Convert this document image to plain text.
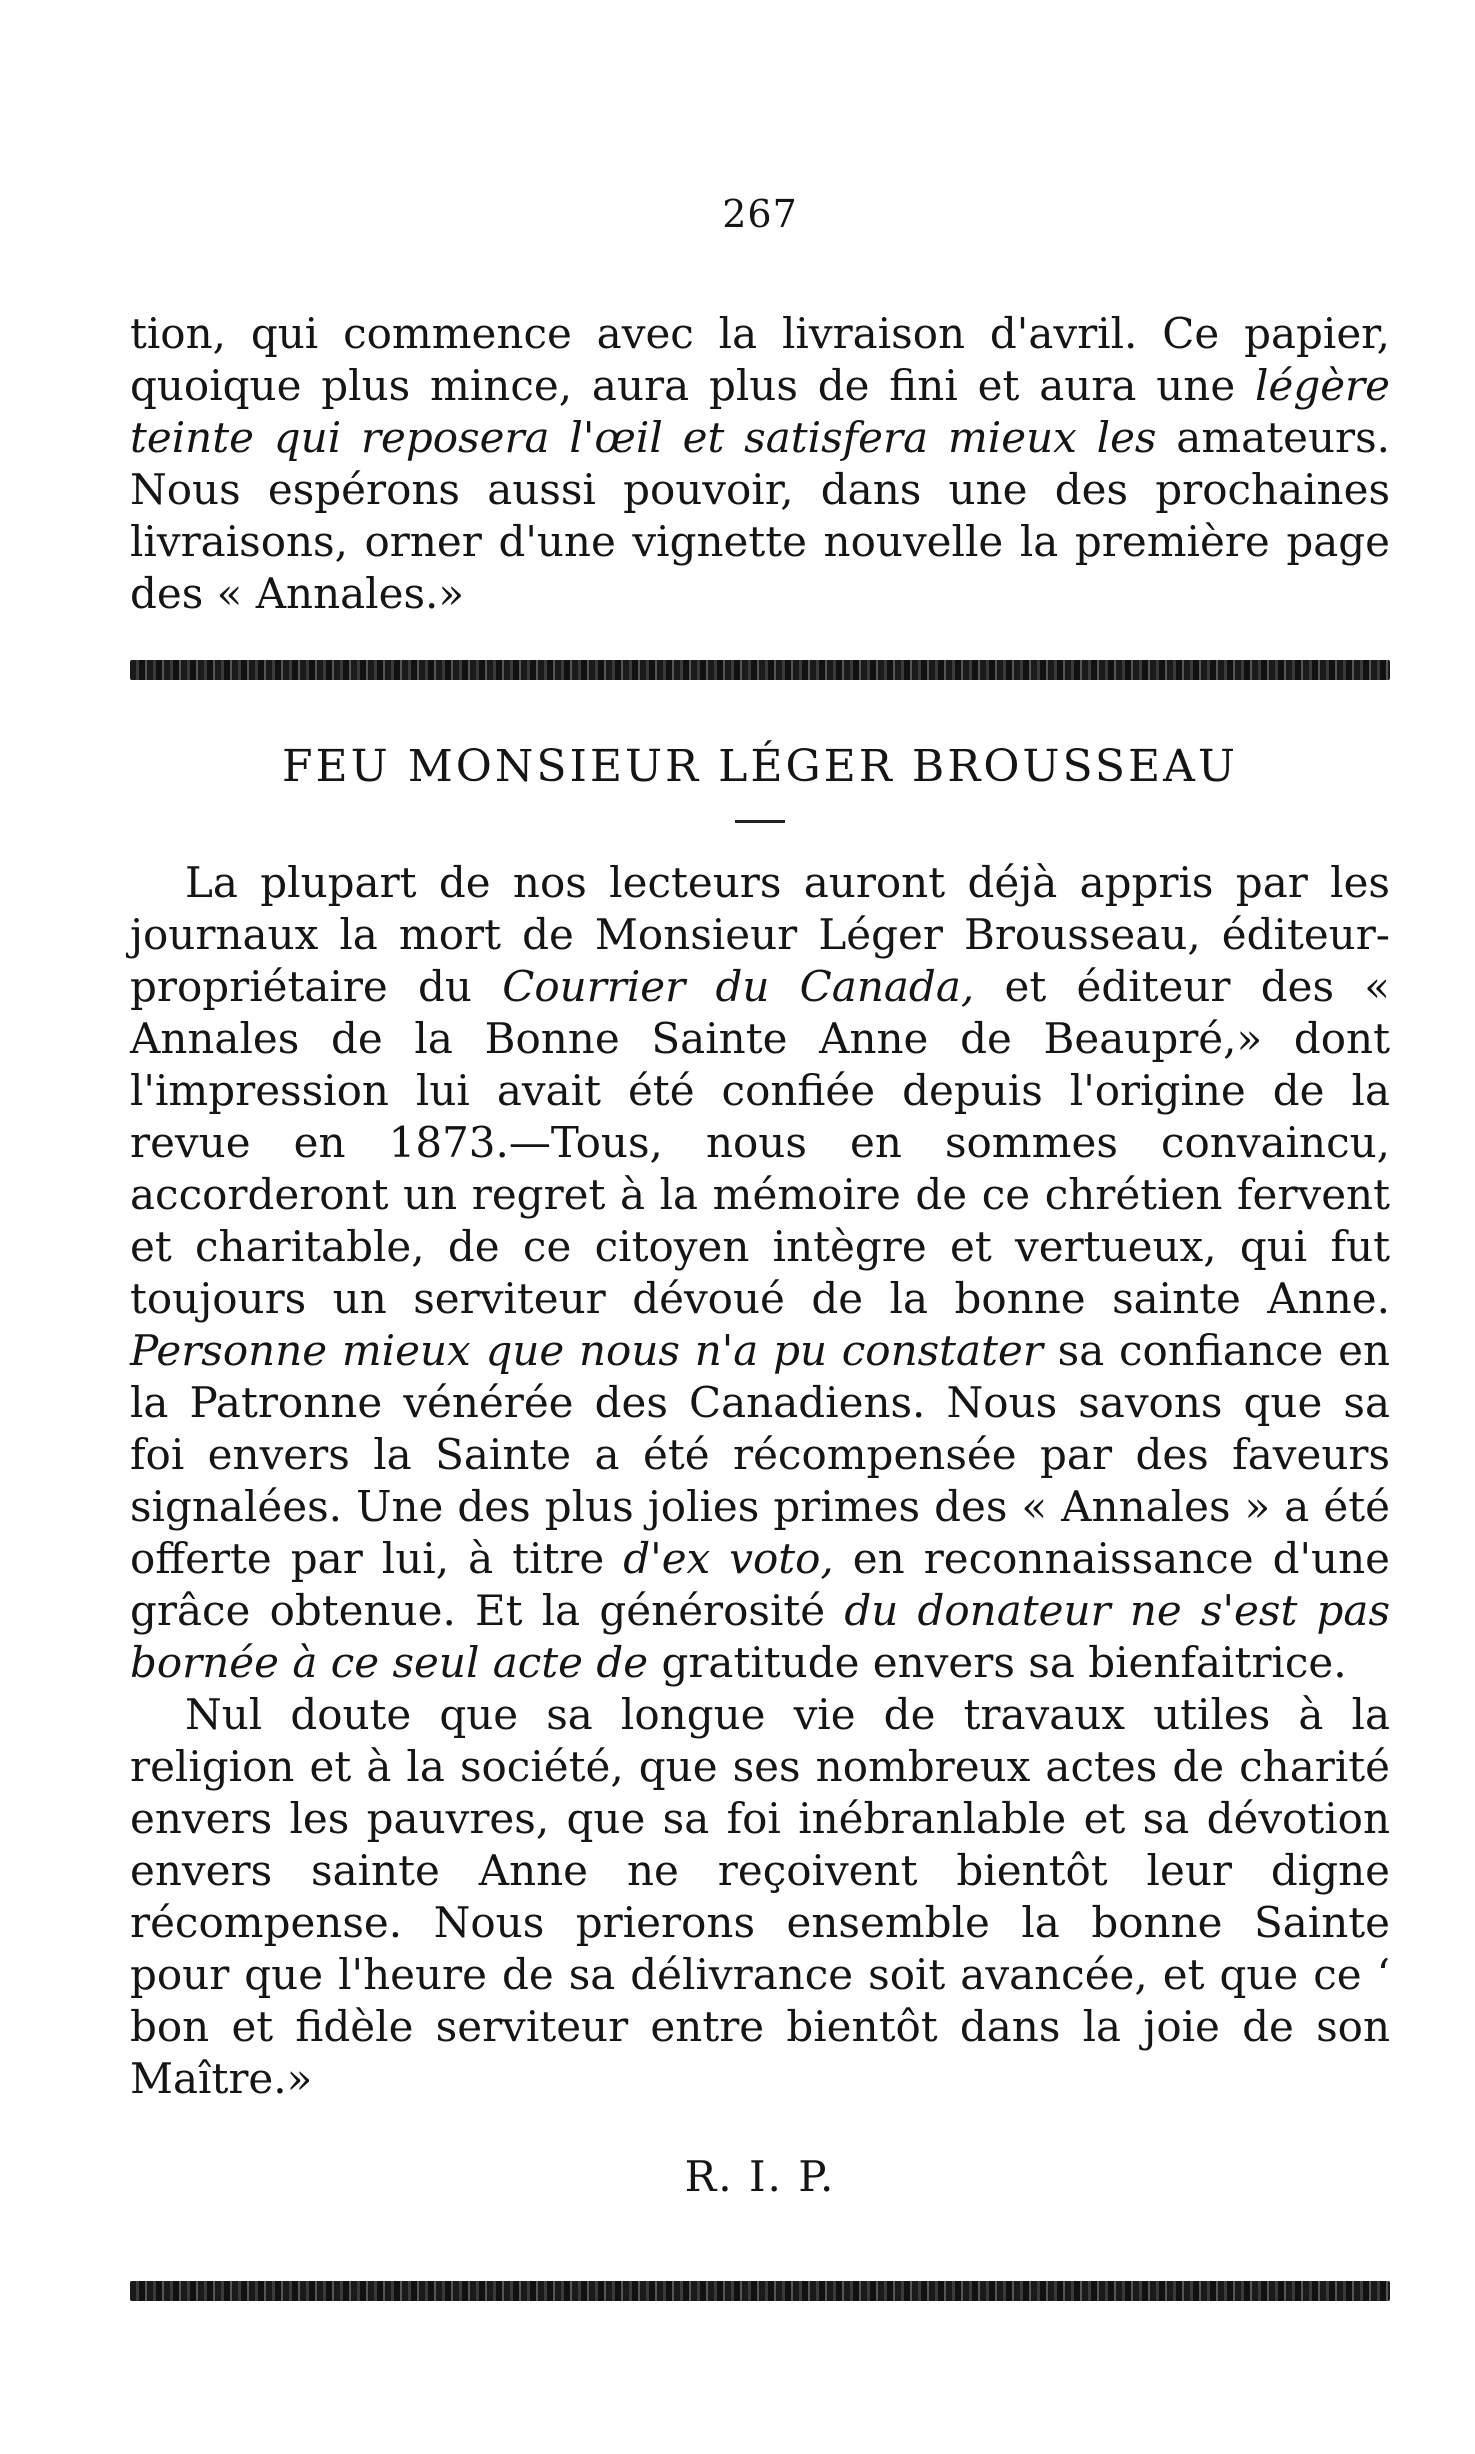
267

tion, qui commence avec la livraison d'avril. Ce papier, quoique plus mince, aura plus de fini et aura une légère teinte qui reposera l'œil et satisfera mieux les amateurs. Nous espérons aussi pouvoir, dans une des prochaines livraisons, orner d'une vignette nouvelle la première page des « Annales.»

FEU MONSIEUR LÉGER BROUSSEAU

La plupart de nos lecteurs auront déjà appris par les journaux la mort de Monsieur Léger Brousseau, éditeur-propriétaire du Courrier du Canada, et éditeur des « Annales de la Bonne Sainte Anne de Beaupré,» dont l'impression lui avait été confiée depuis l'origine de la revue en 1873.—Tous, nous en sommes convaincu, accorderont un regret à la mémoire de ce chrétien fervent et charitable, de ce citoyen intègre et vertueux, qui fut toujours un serviteur dévoué de la bonne sainte Anne. Personne mieux que nous n'a pu constater sa confiance en la Patronne vénérée des Canadiens. Nous savons que sa foi envers la Sainte a été récompensée par des faveurs signalées. Une des plus jolies primes des « Annales » a été offerte par lui, à titre d'ex voto, en reconnaissance d'une grâce obtenue. Et la générosité du donateur ne s'est pas bornée à ce seul acte de gratitude envers sa bienfaitrice.

Nul doute que sa longue vie de travaux utiles à la religion et à la société, que ses nombreux actes de charité envers les pauvres, que sa foi inébranlable et sa dévotion envers sainte Anne ne reçoivent bientôt leur digne récompense. Nous prierons ensemble la bonne Sainte pour que l'heure de sa délivrance soit avancée, et que ce ‘ bon et fidèle serviteur entre bientôt dans la joie de son Maître.»

R. I. P.
